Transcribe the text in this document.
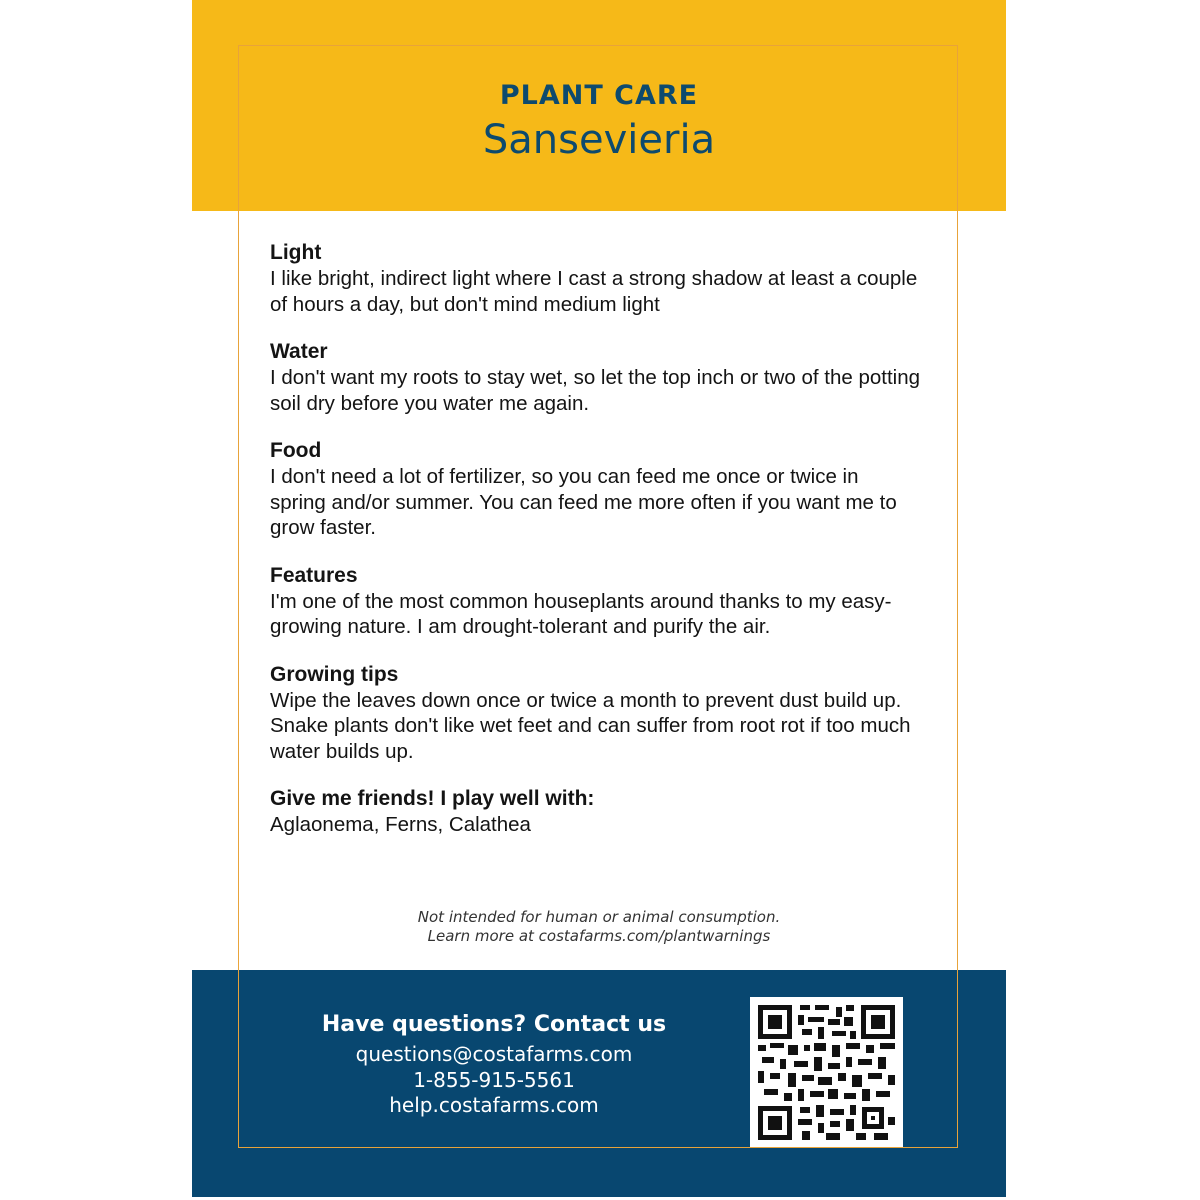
PLANT CARE
Sansevieria
Light

I like bright, indirect light where I cast a strong shadow at least a couple of hours a day, but don't mind medium light

Water

I don't want my roots to stay wet, so let the top inch or two of the potting soil dry before you water me again.

Food

I don't need a lot of fertilizer, so you can feed me once or twice in spring and/or summer. You can feed me more often if you want me to grow faster.

Features

I'm one of the most common houseplants around thanks to my easy-growing nature. I am drought-tolerant and purify the air.

Growing tips

Wipe the leaves down once or twice a month to prevent dust build up. Snake plants don't like wet feet and can suffer from root rot if too much water builds up.

Give me friends! I play well with:

Aglaonema, Ferns, Calathea

Not intended for human or animal consumption.
Learn more at costafarms.com/plantwarnings
Have questions? Contact us
questions@costafarms.com
1-855-915-5561
help.costafarms.com
